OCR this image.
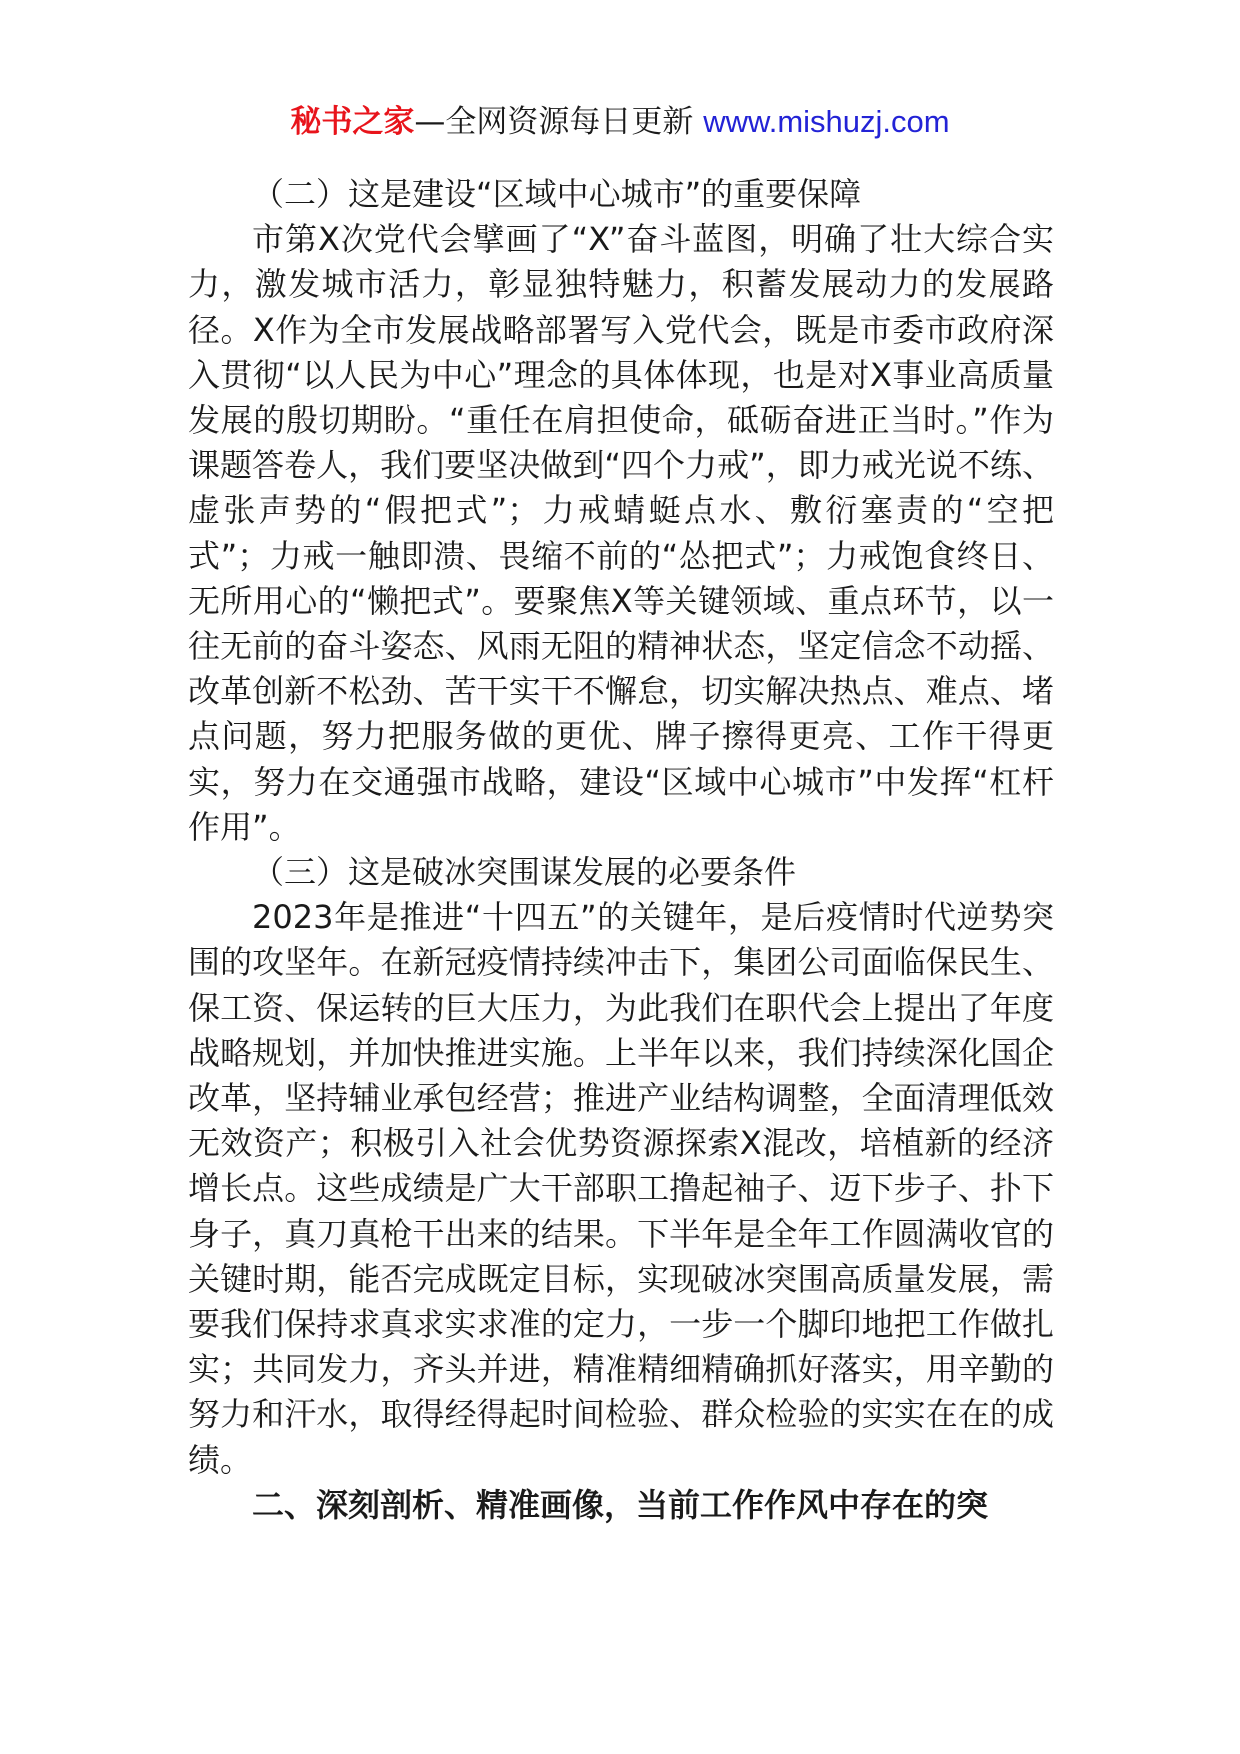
秘书之家—全网资源每日更新 www.mishuzj.com

（二）这是建设“区域中心城市”的重要保障

市第X次党代会擘画了“X”奋斗蓝图，明确了壮大综合实力，激发城市活力，彰显独特魅力，积蓄发展动力的发展路径。X作为全市发展战略部署写入党代会，既是市委市政府深入贯彻“以人民为中心”理念的具体体现，也是对X事业高质量发展的殷切期盼。“重任在肩担使命，砥砺奋进正当时。”作为课题答卷人，我们要坚决做到“四个力戒”，即力戒光说不练、虚张声势的“假把式”；力戒蜻蜓点水、敷衍塞责的“空把式”；力戒一触即溃、畏缩不前的“怂把式”；力戒饱食终日、无所用心的“懒把式”。要聚焦X等关键领域、重点环节，以一往无前的奋斗姿态、风雨无阻的精神状态，坚定信念不动摇、改革创新不松劲、苦干实干不懈怠，切实解决热点、难点、堵点问题，努力把服务做的更优、牌子擦得更亮、工作干得更实，努力在交通强市战略，建设“区域中心城市”中发挥“杠杆作用”。

（三）这是破冰突围谋发展的必要条件

2023年是推进“十四五”的关键年，是后疫情时代逆势突围的攻坚年。在新冠疫情持续冲击下，集团公司面临保民生、保工资、保运转的巨大压力，为此我们在职代会上提出了年度战略规划，并加快推进实施。上半年以来，我们持续深化国企改革，坚持辅业承包经营；推进产业结构调整，全面清理低效无效资产；积极引入社会优势资源探索X混改，培植新的经济增长点。这些成绩是广大干部职工撸起袖子、迈下步子、扑下身子，真刀真枪干出来的结果。下半年是全年工作圆满收官的关键时期，能否完成既定目标，实现破冰突围高质量发展，需要我们保持求真求实求准的定力，一步一个脚印地把工作做扎实；共同发力，齐头并进，精准精细精确抓好落实，用辛勤的努力和汗水，取得经得起时间检验、群众检验的实实在在的成绩。

二、深刻剖析、精准画像，当前工作作风中存在的突
